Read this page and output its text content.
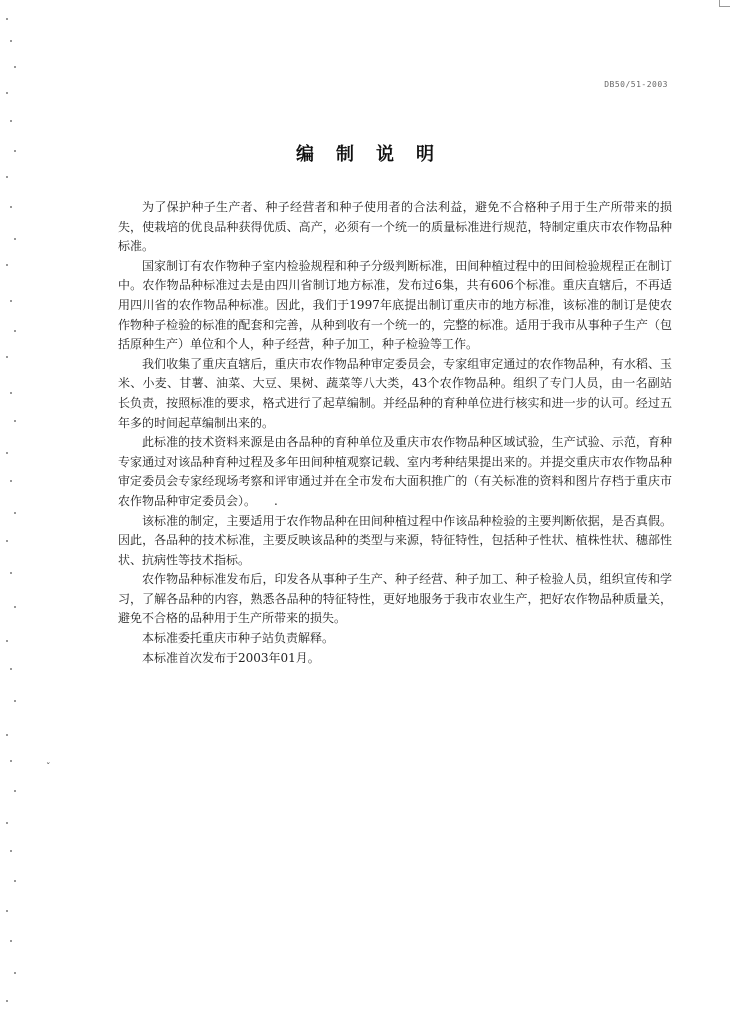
DB50/51-2003
编制说明

为了保护种子生产者、种子经营者和种子使用者的合法利益，避免不合格种子用于生产所带来的损失，使栽培的优良品种获得优质、高产，必须有一个统一的质量标准进行规范，特制定重庆市农作物品种标准。

国家制订有农作物种子室内检验规程和种子分级判断标准，田间种植过程中的田间检验规程正在制订中。农作物品种标准过去是由四川省制订地方标准，发布过6集，共有606个标准。重庆直辖后，不再适用四川省的农作物品种标准。因此，我们于1997年底提出制订重庆市的地方标准，该标准的制订是使农作物种子检验的标准的配套和完善，从种到收有一个统一的，完整的标准。适用于我市从事种子生产（包括原种生产）单位和个人，种子经营，种子加工，种子检验等工作。

我们收集了重庆直辖后，重庆市农作物品种审定委员会，专家组审定通过的农作物品种，有水稻、玉米、小麦、甘薯、油菜、大豆、果树、蔬菜等八大类，43个农作物品种。组织了专门人员，由一名副站长负责，按照标准的要求，格式进行了起草编制。并经品种的育种单位进行核实和进一步的认可。经过五年多的时间起草编制出来的。

此标准的技术资料来源是由各品种的育种单位及重庆市农作物品种区域试验，生产试验、示范，育种专家通过对该品种育种过程及多年田间种植观察记载、室内考种结果提出来的。并提交重庆市农作物品种审定委员会专家经现场考察和评审通过并在全市发布大面积推广的（有关标准的资料和图片存档于重庆市农作物品种审定委员会）。　　.

该标准的制定，主要适用于农作物品种在田间种植过程中作该品种检验的主要判断依据，是否真假。因此，各品种的技术标准，主要反映该品种的类型与来源，特征特性，包括种子性状、植株性状、穗部性状、抗病性等技术指标。

农作物品种标准发布后，印发各从事种子生产、种子经营、种子加工、种子检验人员，组织宣传和学习，了解各品种的内容，熟悉各品种的特征特性，更好地服务于我市农业生产，把好农作物品种质量关，避免不合格的品种用于生产所带来的损失。

本标准委托重庆市种子站负责解释。

本标准首次发布于2003年01月。

ˇ
